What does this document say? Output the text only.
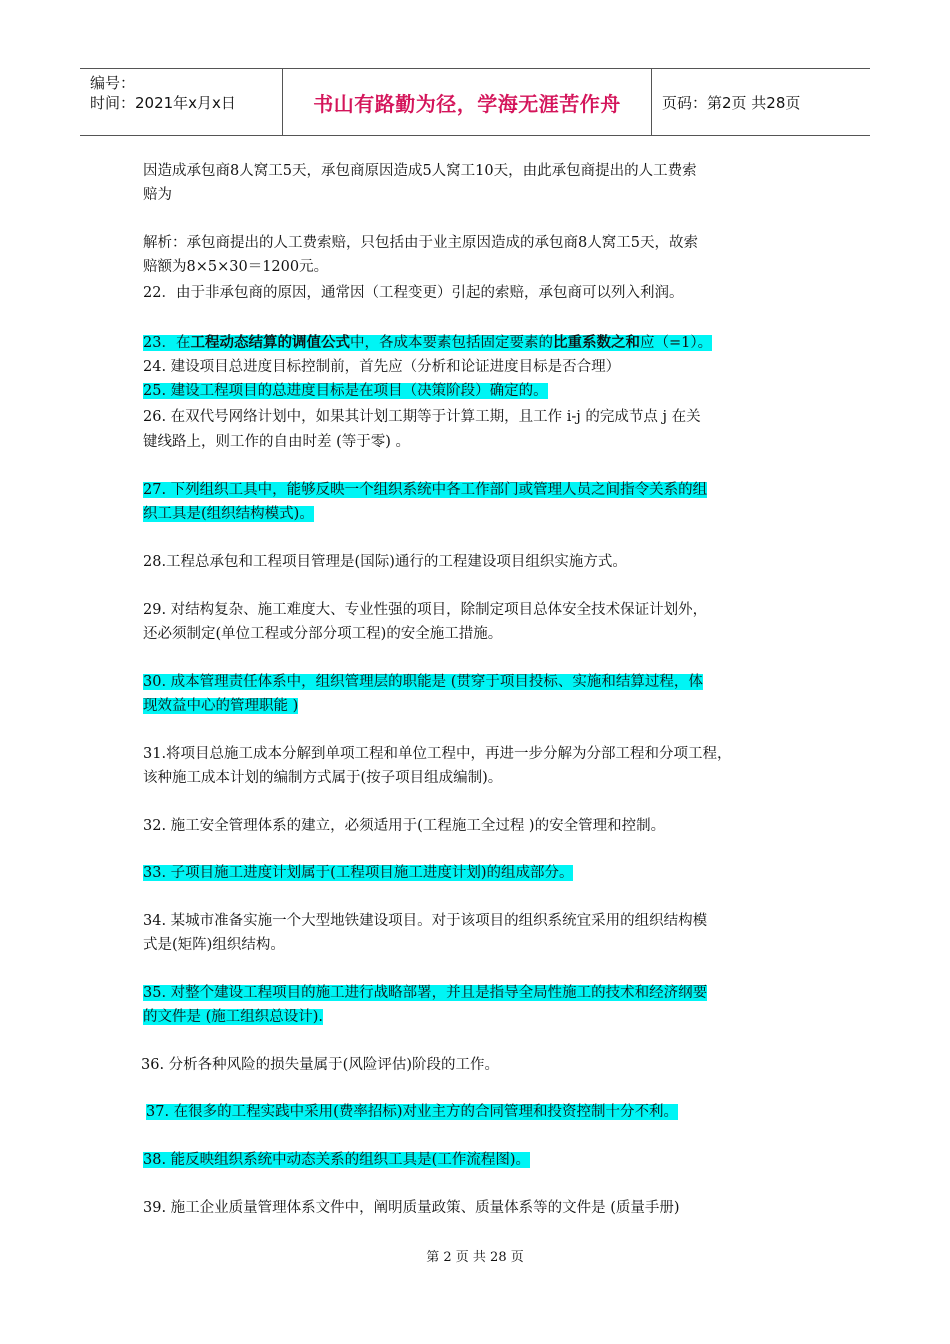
编号：
时间：2021年x月x日	书山有路勤为径，学海无涯苦作舟	页码：第2页 共28页
因造成承包商8人窝工5天，承包商原因造成5人窝工10天，由此承包商提出的人工费索
赔为
解析：承包商提出的人工费索赔，只包括由于业主原因造成的承包商8人窝工5天，故索
赔额为8×5×30＝1200元。
22．由于非承包商的原因，通常因（工程变更）引起的索赔，承包商可以列入利润。
23．在工程动态结算的调值公式中，各成本要素包括固定要素的比重系数之和应（=1）。
24. 建设项目总进度目标控制前，首先应（分析和论证进度目标是否合理）
25. 建设工程项目的总进度目标是在项目（决策阶段）确定的。
26. 在双代号网络计划中，如果其计划工期等于计算工期，且工作 i-j 的完成节点 j 在关
键线路上，则工作的自由时差 (等于零) 。
27. 下列组织工具中，能够反映一个组织系统中各工作部门或管理人员之间指令关系的组
织工具是(组织结构模式)。
28.工程总承包和工程项目管理是(国际)通行的工程建设项目组织实施方式。
29. 对结构复杂、施工难度大、专业性强的项目，除制定项目总体安全技术保证计划外，
还必须制定(单位工程或分部分项工程)的安全施工措施。
30. 成本管理责任体系中，组织管理层的职能是 (贯穿于项目投标、实施和结算过程，体
现效益中心的管理职能 )
31.将项目总施工成本分解到单项工程和单位工程中，再进一步分解为分部工程和分项工程，
该种施工成本计划的编制方式属于(按子项目组成编制)。
32. 施工安全管理体系的建立，必须适用于(工程施工全过程 )的安全管理和控制。
33. 子项目施工进度计划属于(工程项目施工进度计划)的组成部分。
34. 某城市准备实施一个大型地铁建设项目。对于该项目的组织系统宜采用的组织结构模
式是(矩阵)组织结构。
35. 对整个建设工程项目的施工进行战略部署，并且是指导全局性施工的技术和经济纲要
的文件是 (施工组织总设计).
36. 分析各种风险的损失量属于(风险评估)阶段的工作。
37. 在很多的工程实践中采用(费率招标)对业主方的合同管理和投资控制十分不利。
38. 能反映组织系统中动态关系的组织工具是(工作流程图)。
39. 施工企业质量管理体系文件中，阐明质量政策、质量体系等的文件是 (质量手册)
第 2 页 共 28 页
